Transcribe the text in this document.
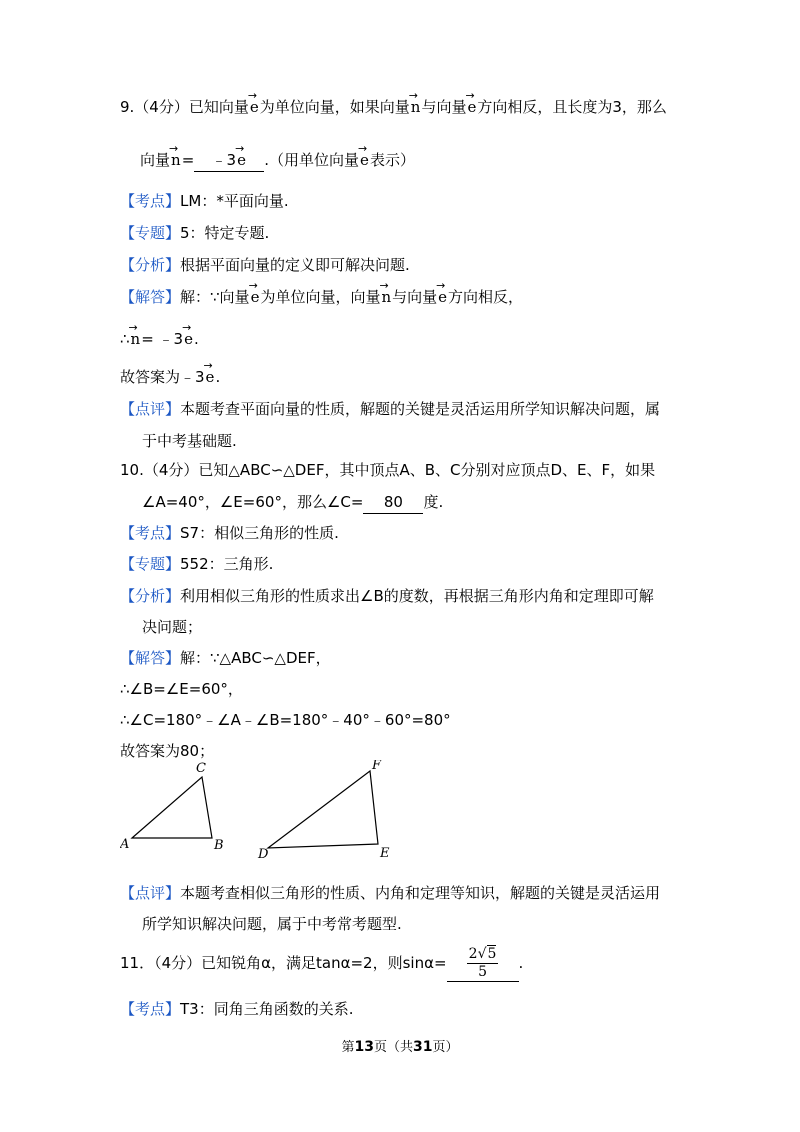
9.（4分）已知向量→ e为单位向量，如果向量→ n与向量→ e方向相反，且长度为3，那么
向量→ n= ﹣3→ e .（用单位向量→ e表示）
【考点】LM：*平面向量.
【专题】5：特定专题.
【分析】根据平面向量的定义即可解决问题.
【解答】解：∵向量→ e为单位向量，向量→ n与向量→ e方向相反，
∴→ n= ﹣3→ e.
故答案为﹣3→ e.
【点评】本题考查平面向量的性质，解题的关键是灵活运用所学知识解决问题，属
于中考基础题.
10.（4分）已知△ABC∽△DEF，其中顶点A、B、C分别对应顶点D、E、F，如果
∠A=40°，∠E=60°，那么∠C= 80 度.
【考点】S7：相似三角形的性质.
【专题】552：三角形.
【分析】利用相似三角形的性质求出∠B的度数，再根据三角形内角和定理即可解
决问题；
【解答】解：∵△ABC∽△DEF，
∴∠B=∠E=60°，
∴∠C=180°﹣∠A﹣∠B=180°﹣40°﹣60°=80°
故答案为80；
A	B
C
D	E
F
【点评】本题考查相似三角形的性质、内角和定理等知识，解题的关键是灵活运用
所学知识解决问题，属于中考常考题型.
11．（4分）已知锐角α，满足tanα=2，则$\sin\alpha= \frac{2√5}{5}$ .
【考点】T3：同角三角函数的关系.
第13页（共31页）
